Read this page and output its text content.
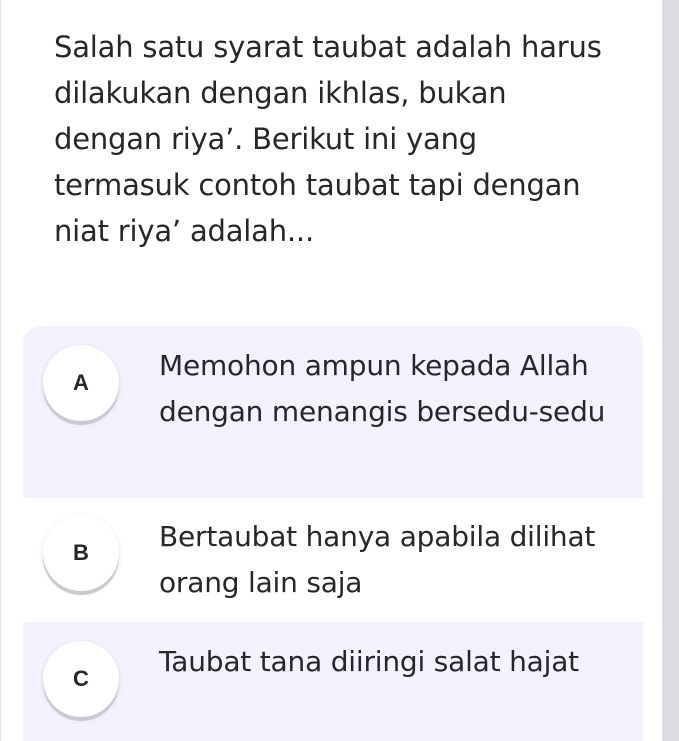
Salah satu syarat taubat adalah harus dilakukan dengan ikhlas, bukan dengan riya’. Berikut ini yang termasuk contoh taubat tapi dengan niat riya’ adalah...

A
Memohon ampun kepada Allah dengan menangis bersedu-sedu
B	Bertaubat hanya apabila dilihat orang lain saja
C
Taubat tana diiringi salat hajat
